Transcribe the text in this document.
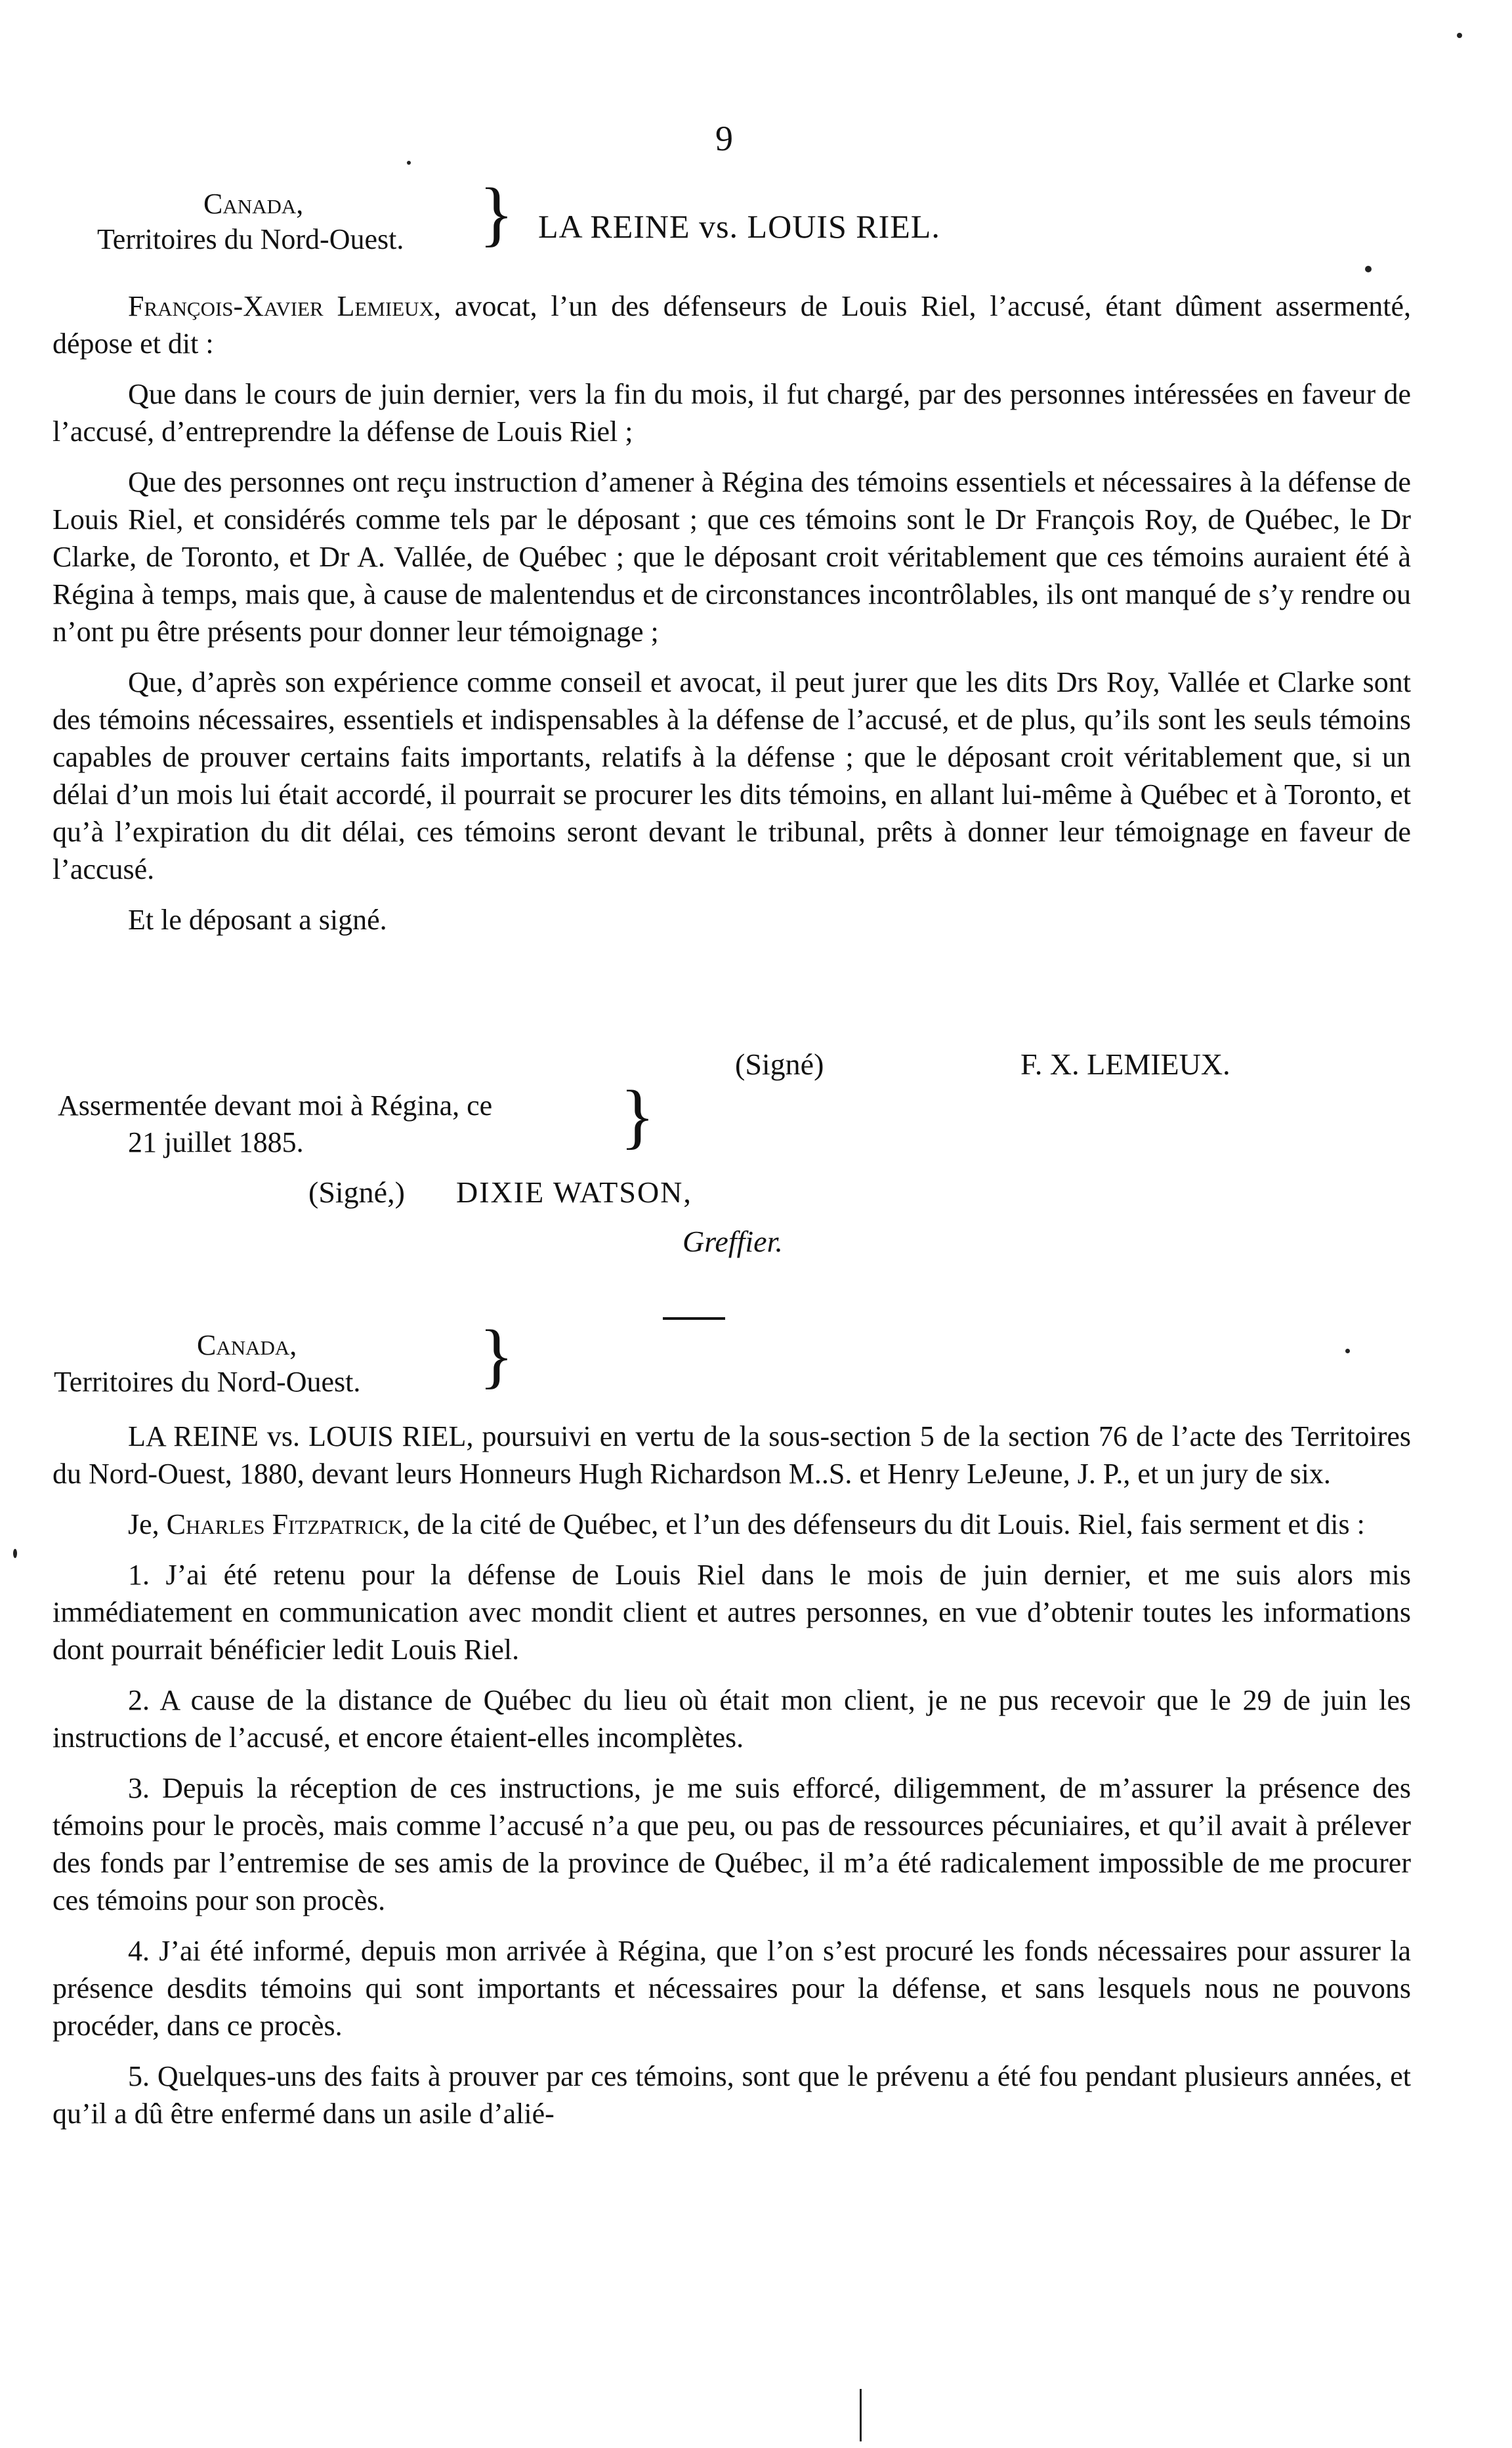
9
Canada,
Territoires du Nord-Ouest. } LA REINE vs. LOUIS RIEL.

François-Xavier Lemieux, avocat, l’un des défenseurs de Louis Riel, l’accusé, étant dûment assermenté, dépose et dit :

Que dans le cours de juin dernier, vers la fin du mois, il fut chargé, par des personnes intéressées en faveur de l’accusé, d’entreprendre la défense de Louis Riel ;

Que des personnes ont reçu instruction d’amener à Régina des témoins essentiels et nécessaires à la défense de Louis Riel, et considérés comme tels par le déposant ; que ces témoins sont le Dr François Roy, de Québec, le Dr Clarke, de Toronto, et Dr A. Vallée, de Québec ; que le déposant croit véritablement que ces témoins auraient été à Régina à temps, mais que, à cause de malentendus et de circonstances incontrôlables, ils ont manqué de s’y rendre ou n’ont pu être présents pour donner leur témoignage ;

Que, d’après son expérience comme conseil et avocat, il peut jurer que les dits Drs Roy, Vallée et Clarke sont des témoins nécessaires, essentiels et indispensables à la défense de l’accusé, et de plus, qu’ils sont les seuls témoins capables de prouver certains faits importants, relatifs à la défense ; que le déposant croit véritablement que, si un délai d’un mois lui était accordé, il pourrait se procurer les dits témoins, en allant lui-même à Québec et à Toronto, et qu’à l’expiration du dit délai, ces témoins seront devant le tribunal, prêts à donner leur témoignage en faveur de l’accusé.

Et le déposant a signé.

(Signé)	F. X. LEMIEUX.
Assermentée devant moi à Régina, ce
21 juillet 1885.	}
(Signé,) DIXIE WATSON,
Greffier.
Canada,
Territoires du Nord-Ouest. }

LA REINE vs. LOUIS RIEL, poursuivi en vertu de la sous-section 5 de la section 76 de l’acte des Territoires du Nord-Ouest, 1880, devant leurs Honneurs Hugh Richardson M..S. et Henry LeJeune, J. P., et un jury de six.

Je, Charles Fitzpatrick, de la cité de Québec, et l’un des défenseurs du dit Louis. Riel, fais serment et dis :

1. J’ai été retenu pour la défense de Louis Riel dans le mois de juin dernier, et me suis alors mis immédiatement en communication avec mondit client et autres personnes, en vue d’obtenir toutes les informations dont pourrait bénéficier ledit Louis Riel.

2. A cause de la distance de Québec du lieu où était mon client, je ne pus recevoir que le 29 de juin les instructions de l’accusé, et encore étaient-elles incomplètes.

3. Depuis la réception de ces instructions, je me suis efforcé, diligemment, de m’assurer la présence des témoins pour le procès, mais comme l’accusé n’a que peu, ou pas de ressources pécuniaires, et qu’il avait à prélever des fonds par l’entremise de ses amis de la province de Québec, il m’a été radicalement impossible de me procurer ces témoins pour son procès.

4. J’ai été informé, depuis mon arrivée à Régina, que l’on s’est procuré les fonds nécessaires pour assurer la présence desdits témoins qui sont importants et nécessaires pour la défense, et sans lesquels nous ne pouvons procéder, dans ce procès.

5. Quelques-uns des faits à prouver par ces témoins, sont que le prévenu a été fou pendant plusieurs années, et qu’il a dû être enfermé dans un asile d’alié-
